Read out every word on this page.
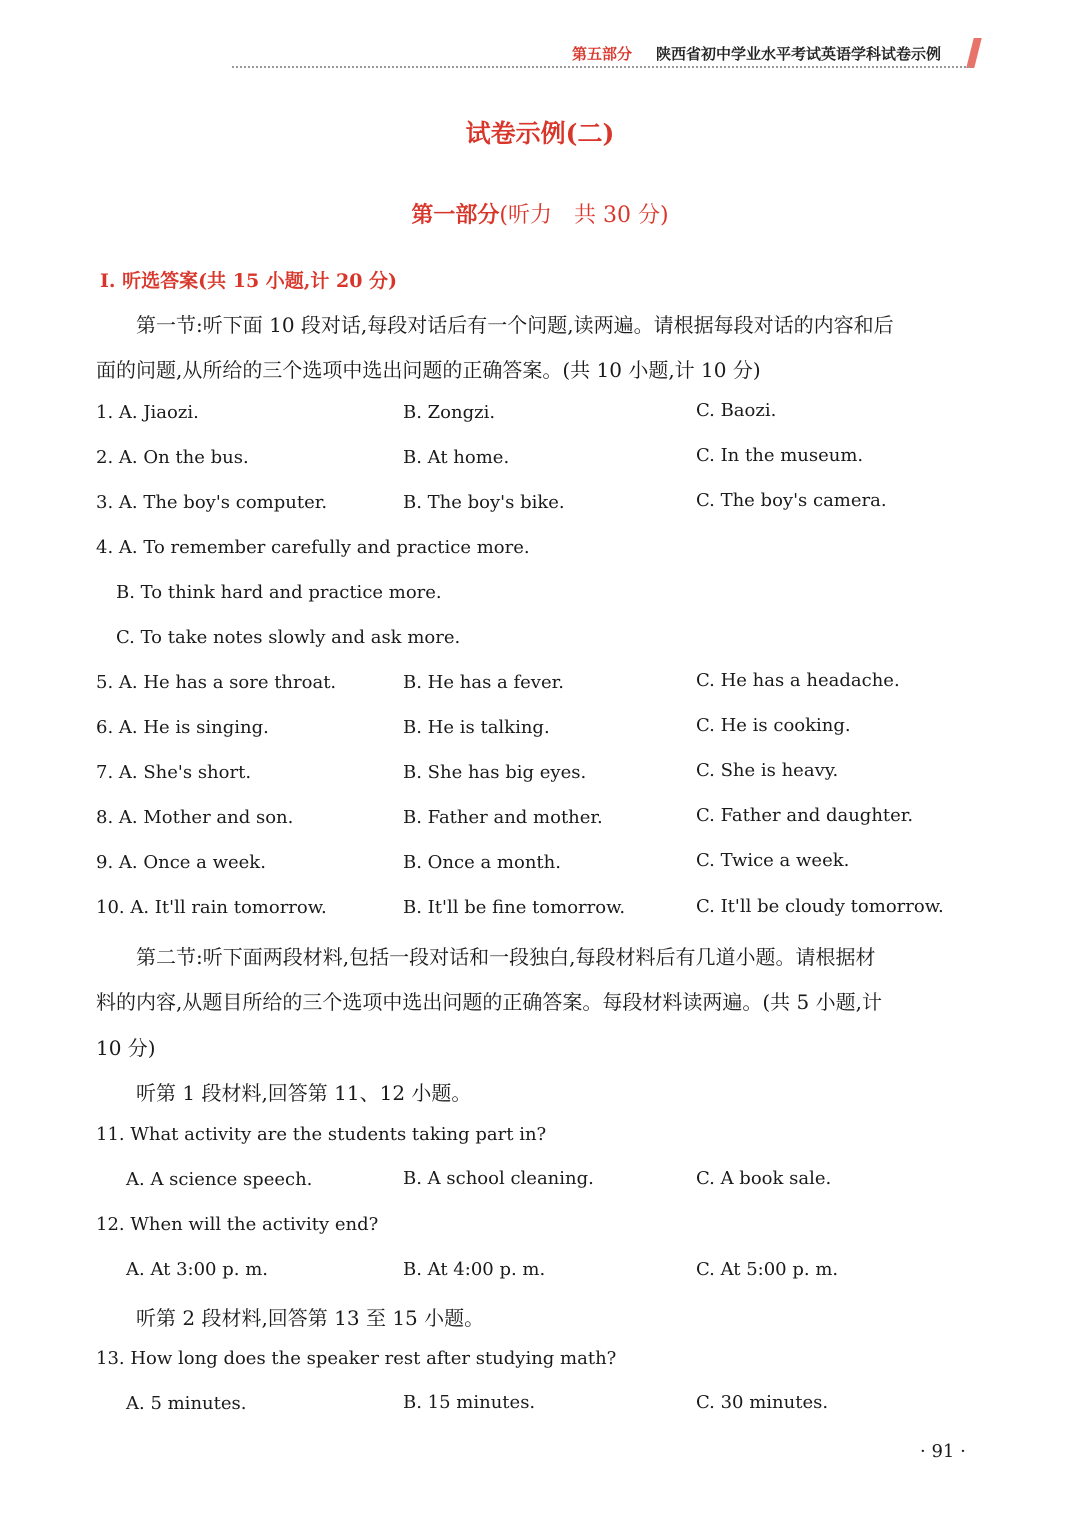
第五部分 陕西省初中学业水平考试英语学科试卷示例
试卷示例(二)
第一部分(听力　共 30 分)
Ⅰ. 听选答案(共 15 小题,计 20 分)
第一节:听下面 10 段对话,每段对话后有一个问题,读两遍。请根据每段对话的内容和后
面的问题,从所给的三个选项中选出问题的正确答案。(共 10 小题,计 10 分)
1. A. Jiaozi.	B. Zongzi.	C. Baozi.
2. A. On the bus.	B. At home.	C. In the museum.
3. A. The boy's computer.	B. The boy's bike.	C. The boy's camera.
4. A. To remember carefully and practice more.
B. To think hard and practice more.
C. To take notes slowly and ask more.
5. A. He has a sore throat.	B. He has a fever.	C. He has a headache.
6. A. He is singing.	B. He is talking.	C. He is cooking.
7. A. She's short.	B. She has big eyes.	C. She is heavy.
8. A. Mother and son.	B. Father and mother.	C. Father and daughter.
9. A. Once a week.	B. Once a month.	C. Twice a week.
10. A. It'll rain tomorrow.	B. It'll be fine tomorrow.	C. It'll be cloudy tomorrow.
第二节:听下面两段材料,包括一段对话和一段独白,每段材料后有几道小题。请根据材
料的内容,从题目所给的三个选项中选出问题的正确答案。每段材料读两遍。(共 5 小题,计
10 分)
听第 1 段材料,回答第 11、12 小题。
11. What activity are the students taking part in?
A. A science speech.	B. A school cleaning.	C. A book sale.
12. When will the activity end?
A. At 3:00 p. m.	B. At 4:00 p. m.	C. At 5:00 p. m.
听第 2 段材料,回答第 13 至 15 小题。
13. How long does the speaker rest after studying math?
A. 5 minutes.	B. 15 minutes.	C. 30 minutes.
· 91 ·
